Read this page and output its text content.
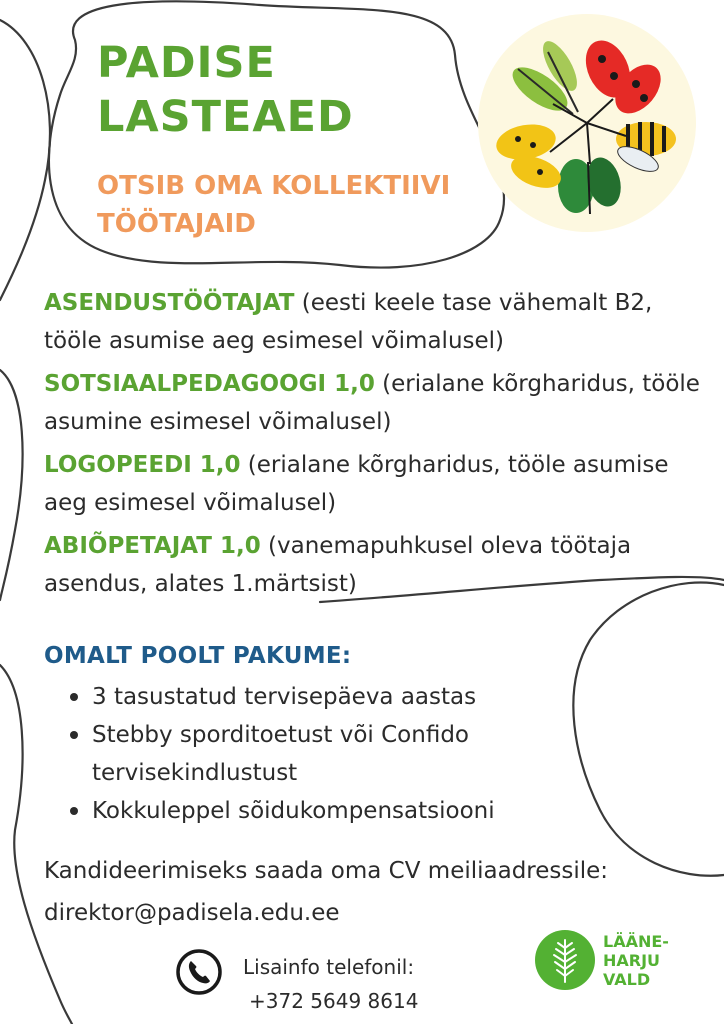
PADISE
LASTEAED
OTSIB OMA KOLLEKTIIVI
TÖÖTAJAID

ASENDUSTÖÖTAJAT (eesti keele tase vähemalt B2, tööle asumise aeg esimesel võimalusel)

SOTSIAALPEDAGOOGI 1,0 (erialane kõrgharidus, tööle asumine esimesel võimalusel)

LOGOPEEDI 1,0 (erialane kõrgharidus, tööle asumise aeg esimesel võimalusel)

ABIÕPETAJAT 1,0 (vanemapuhkusel oleva töötaja asendus, alates 1.märtsist)

OMALT POOLT PAKUME:
3 tasustatud tervisepäeva aastas
Stebby sporditoetust või Confido tervisekindlustust
Kokkuleppel sõidukompensatsiooni

Kandideerimiseks saada oma CV meiliaadressile:
direktor@padisela.edu.ee

Lisainfo telefonil:
+372 5649 8614
LÄÄNE-
HARJU
VALD
